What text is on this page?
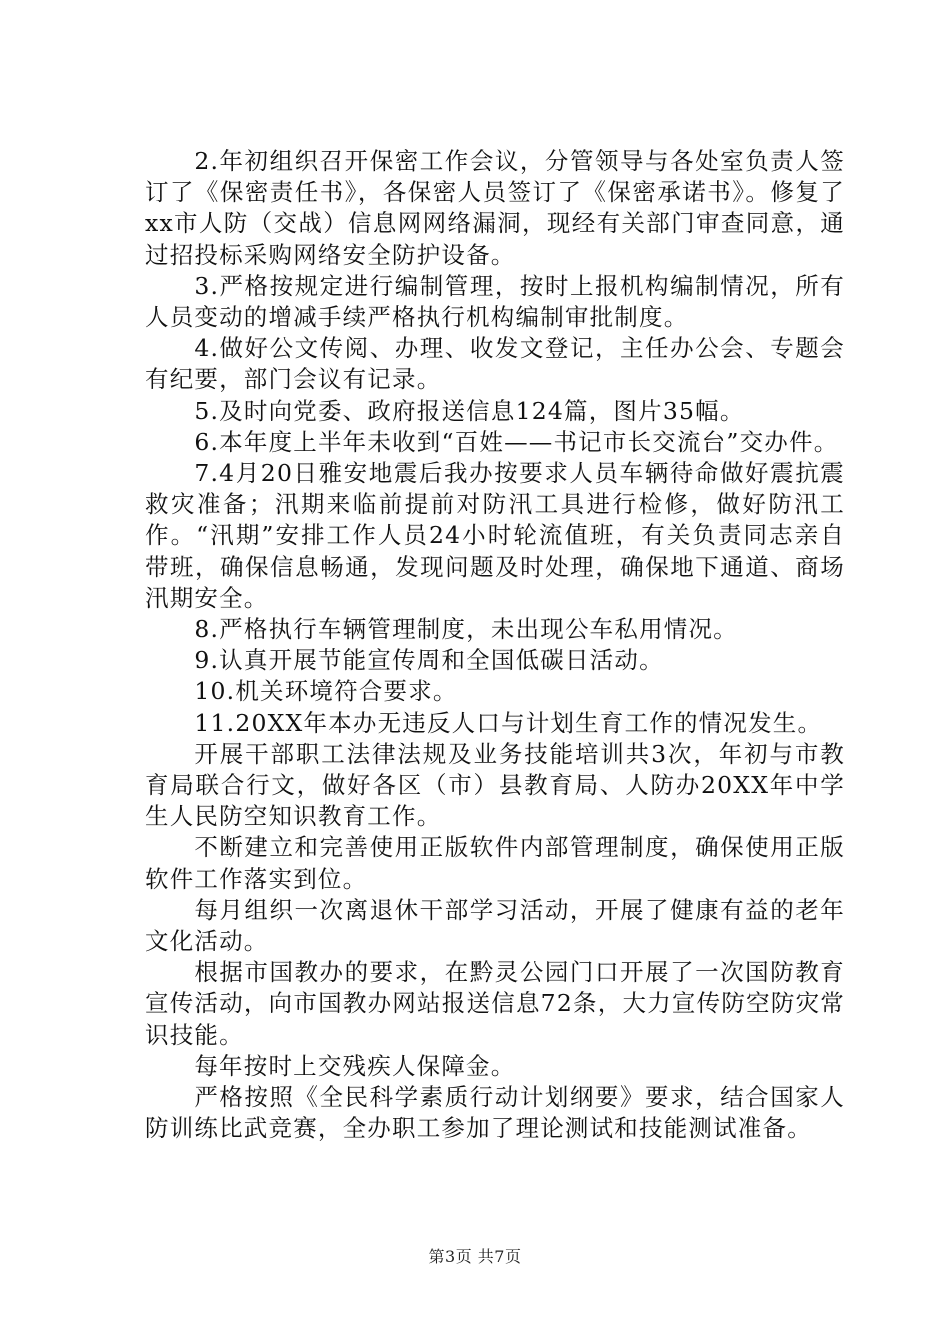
2.年初组织召开保密工作会议，分管领导与各处室负责人签订了《保密责任书》，各保密人员签订了《保密承诺书》。修复了xx市人防（交战）信息网网络漏洞，现经有关部门审查同意，通过招投标采购网络安全防护设备。

3.严格按规定进行编制管理，按时上报机构编制情况，所有人员变动的增减手续严格执行机构编制审批制度。

4.做好公文传阅、办理、收发文登记，主任办公会、专题会有纪要，部门会议有记录。

5.及时向党委、政府报送信息124篇，图片35幅。

6.本年度上半年未收到“百姓——书记市长交流台”交办件。

7.4月20日雅安地震后我办按要求人员车辆待命做好震抗震救灾准备；汛期来临前提前对防汛工具进行检修，做好防汛工作。“汛期”安排工作人员24小时轮流值班，有关负责同志亲自带班，确保信息畅通，发现问题及时处理，确保地下通道、商场汛期安全。

8.严格执行车辆管理制度，未出现公车私用情况。

9.认真开展节能宣传周和全国低碳日活动。

10.机关环境符合要求。

11.20XX年本办无违反人口与计划生育工作的情况发生。

开展干部职工法律法规及业务技能培训共3次，年初与市教育局联合行文，做好各区（市）县教育局、人防办20XX年中学生人民防空知识教育工作。

不断建立和完善使用正版软件内部管理制度，确保使用正版软件工作落实到位。

每月组织一次离退休干部学习活动，开展了健康有益的老年文化活动。

根据市国教办的要求，在黔灵公园门口开展了一次国防教育宣传活动，向市国教办网站报送信息72条，大力宣传防空防灾常识技能。

每年按时上交残疾人保障金。

严格按照《全民科学素质行动计划纲要》要求，结合国家人防训练比武竞赛，全办职工参加了理论测试和技能测试准备。

第3页 共7页
